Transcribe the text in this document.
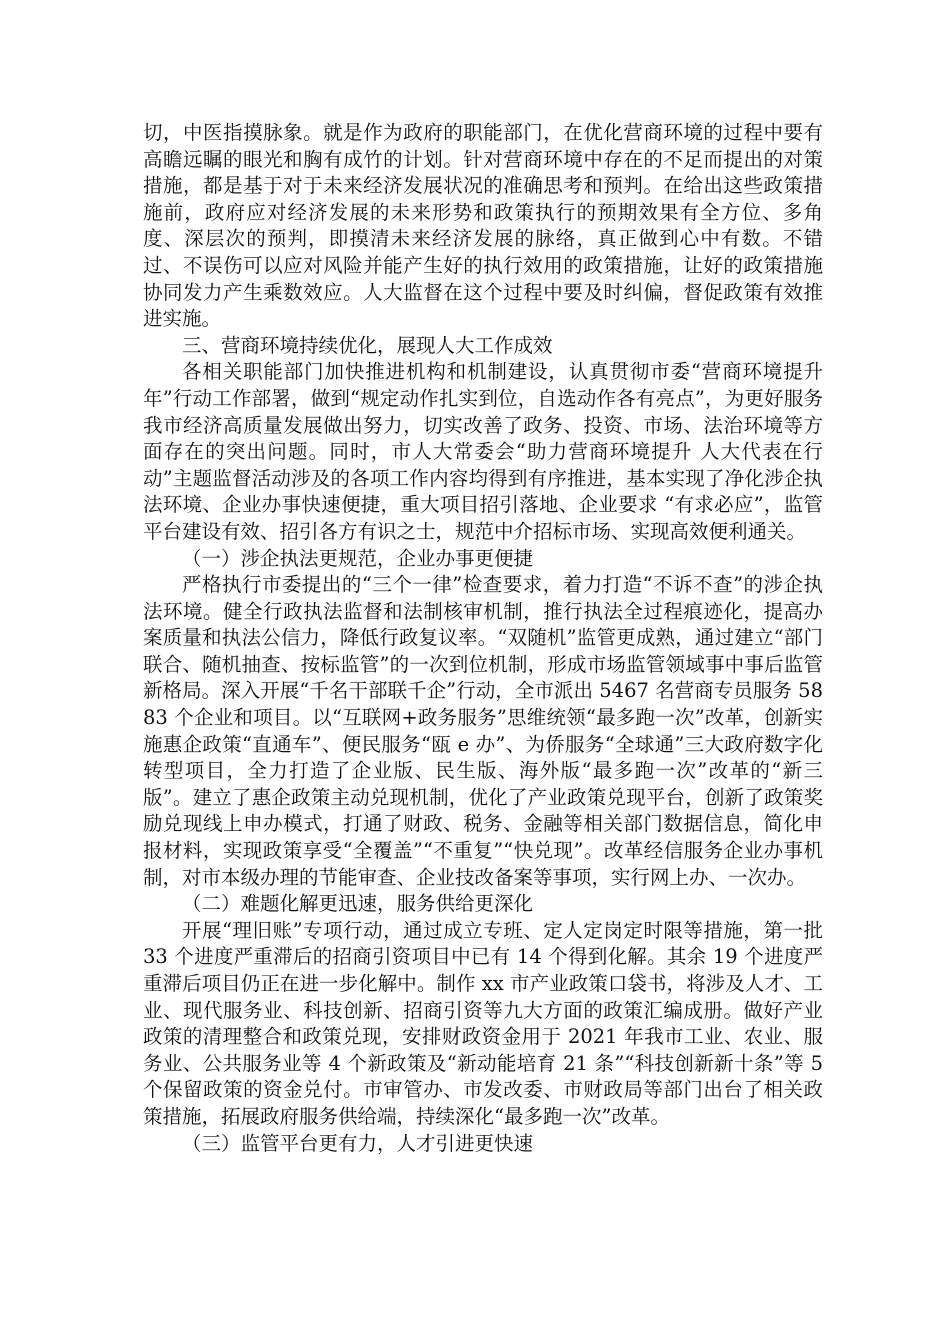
切，中医指摸脉象。就是作为政府的职能部门，在优化营商环境的过程中要有高瞻远瞩的眼光和胸有成竹的计划。针对营商环境中存在的不足而提出的对策措施，都是基于对于未来经济发展状况的准确思考和预判。在给出这些政策措施前，政府应对经济发展的未来形势和政策执行的预期效果有全方位、多角度、深层次的预判，即摸清未来经济发展的脉络，真正做到心中有数。不错过、不误伤可以应对风险并能产生好的执行效用的政策措施，让好的政策措施协同发力产生乘数效应。人大监督在这个过程中要及时纠偏，督促政策有效推进实施。

三、营商环境持续优化，展现人大工作成效

各相关职能部门加快推进机构和机制建设，认真贯彻市委“营商环境提升年”行动工作部署，做到“规定动作扎实到位，自选动作各有亮点”，为更好服务我市经济高质量发展做出努力，切实改善了政务、投资、市场、法治环境等方面存在的突出问题。同时，市人大常委会“助力营商环境提升 人大代表在行动”主题监督活动涉及的各项工作内容均得到有序推进，基本实现了净化涉企执法环境、企业办事快速便捷，重大项目招引落地、企业要求 “有求必应”，监管平台建设有效、招引各方有识之士，规范中介招标市场、实现高效便利通关。

（一）涉企执法更规范，企业办事更便捷

严格执行市委提出的“三个一律”检查要求，着力打造“不诉不查”的涉企执法环境。健全行政执法监督和法制核审机制，推行执法全过程痕迹化，提高办案质量和执法公信力，降低行政复议率。“双随机”监管更成熟，通过建立“部门联合、随机抽查、按标监管”的一次到位机制，形成市场监管领域事中事后监管新格局。深入开展“千名干部联千企”行动，全市派出 5467 名营商专员服务 5883 个企业和项目。以“互联网+政务服务”思维统领“最多跑一次”改革，创新实施惠企政策“直通车”、便民服务“瓯 e 办”、为侨服务“全球通”三大政府数字化转型项目，全力打造了企业版、民生版、海外版“最多跑一次”改革的“新三版”。建立了惠企政策主动兑现机制，优化了产业政策兑现平台，创新了政策奖励兑现线上申办模式，打通了财政、税务、金融等相关部门数据信息，简化申报材料，实现政策享受“全覆盖”“不重复”“快兑现”。改革经信服务企业办事机制，对市本级办理的节能审查、企业技改备案等事项，实行网上办、一次办。

（二）难题化解更迅速，服务供给更深化

开展“理旧账”专项行动，通过成立专班、定人定岗定时限等措施，第一批 33 个进度严重滞后的招商引资项目中已有 14 个得到化解。其余 19 个进度严重滞后项目仍正在进一步化解中。制作 xx 市产业政策口袋书，将涉及人才、工业、现代服务业、科技创新、招商引资等九大方面的政策汇编成册。做好产业政策的清理整合和政策兑现，安排财政资金用于 2021 年我市工业、农业、服务业、公共服务业等 4 个新政策及“新动能培育 21 条”“科技创新新十条”等 5 个保留政策的资金兑付。市审管办、市发改委、市财政局等部门出台了相关政策措施，拓展政府服务供给端，持续深化“最多跑一次”改革。

（三）监管平台更有力，人才引进更快速
